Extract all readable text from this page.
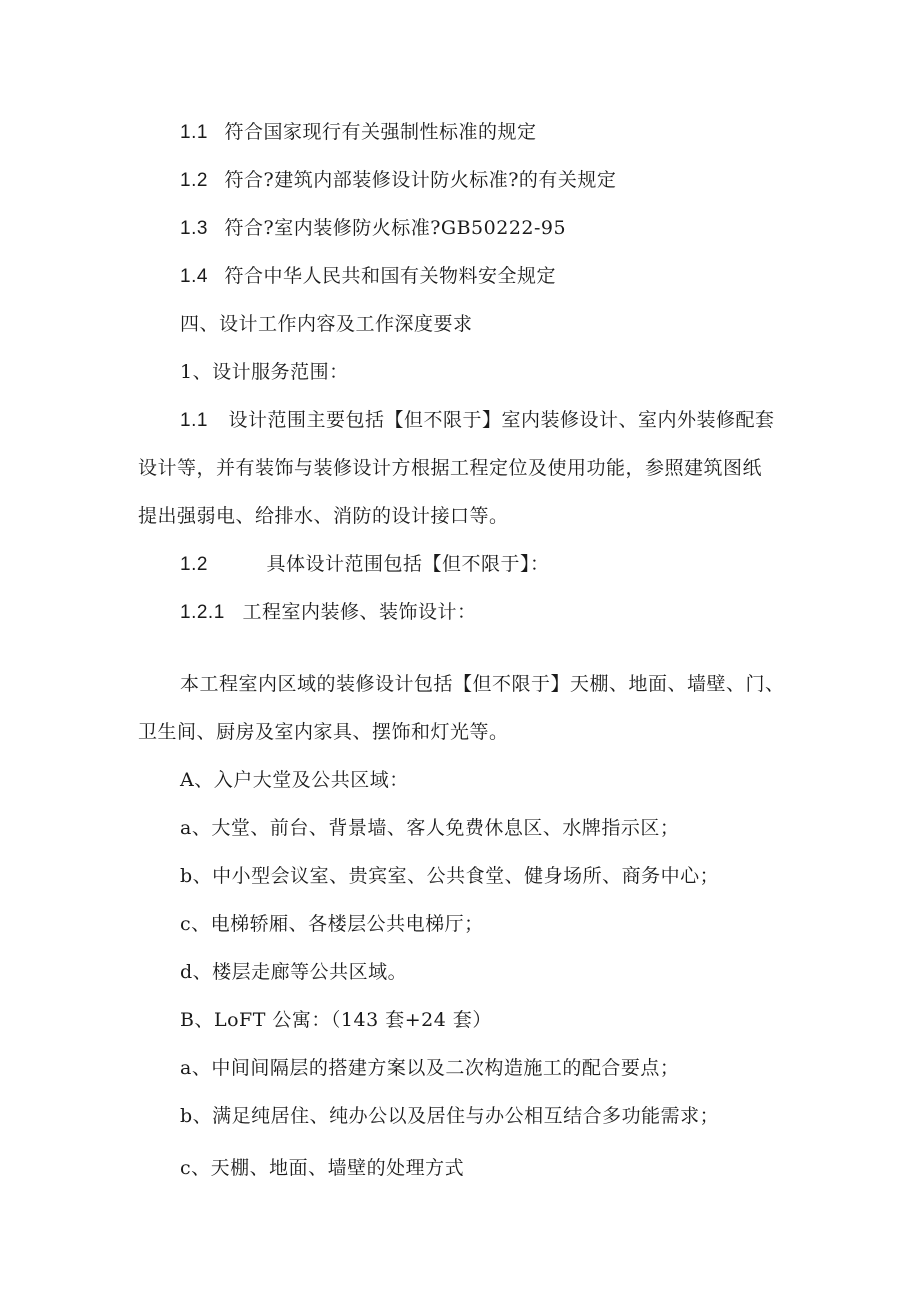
1.1 符合国家现行有关强制性标准的规定
1.2 符合?建筑内部装修设计防火标准?的有关规定
1.3 符合?室内装修防火标准?GB50222-95
1.4 符合中华人民共和国有关物料安全规定
四、设计工作内容及工作深度要求
1、设计服务范围：
1.1 设计范围主要包括【但不限于】室内装修设计、室内外装修配套
设计等，并有装饰与装修设计方根据工程定位及使用功能，参照建筑图纸
提出强弱电、给排水、消防的设计接口等。
1.2	具体设计范围包括【但不限于】：
1.2.1 工程室内装修、装饰设计：
本工程室内区域的装修设计包括【但不限于】天棚、地面、墙壁、门、
卫生间、厨房及室内家具、摆饰和灯光等。
A、入户大堂及公共区域：
a、大堂、前台、背景墙、客人免费休息区、水牌指示区；
b、中小型会议室、贵宾室、公共食堂、健身场所、商务中心；
c、电梯轿厢、各楼层公共电梯厅；
d、楼层走廊等公共区域。
B、LoFT 公寓：（143 套+24 套）
a、中间间隔层的搭建方案以及二次构造施工的配合要点；
b、满足纯居住、纯办公以及居住与办公相互结合多功能需求；
c、天棚、地面、墙壁的处理方式
